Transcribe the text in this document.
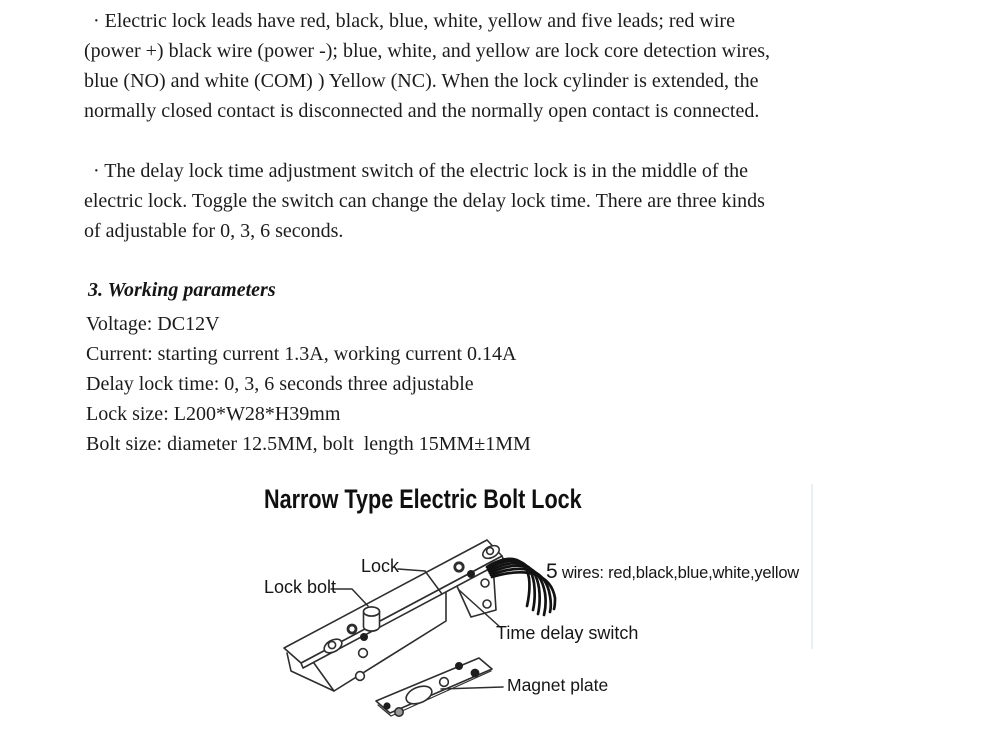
· Electric lock leads have red, black, blue, white, yellow and five leads; red wire
(power +) black wire (power -); blue, white, and yellow are lock core detection wires,
blue (NO) and white (COM) ) Yellow (NC). When the lock cylinder is extended, the
normally closed contact is disconnected and the normally open contact is connected.
· The delay lock time adjustment switch of the electric lock is in the middle of the
electric lock. Toggle the switch can change the delay lock time. There are three kinds
of adjustable for 0, 3, 6 seconds.
3. Working parameters
Voltage: DC12V
Current: starting current 1.3A, working current 0.14A
Delay lock time: 0, 3, 6 seconds three adjustable
Lock size: L200*W28*H39mm
Bolt size: diameter 12.5MM, bolt  length 15MM±1MM
Narrow Type Electric Bolt Lock
Lock
Lock bolt
5 wires: red,black,blue,white,yellow
Time delay switch
Magnet plate
